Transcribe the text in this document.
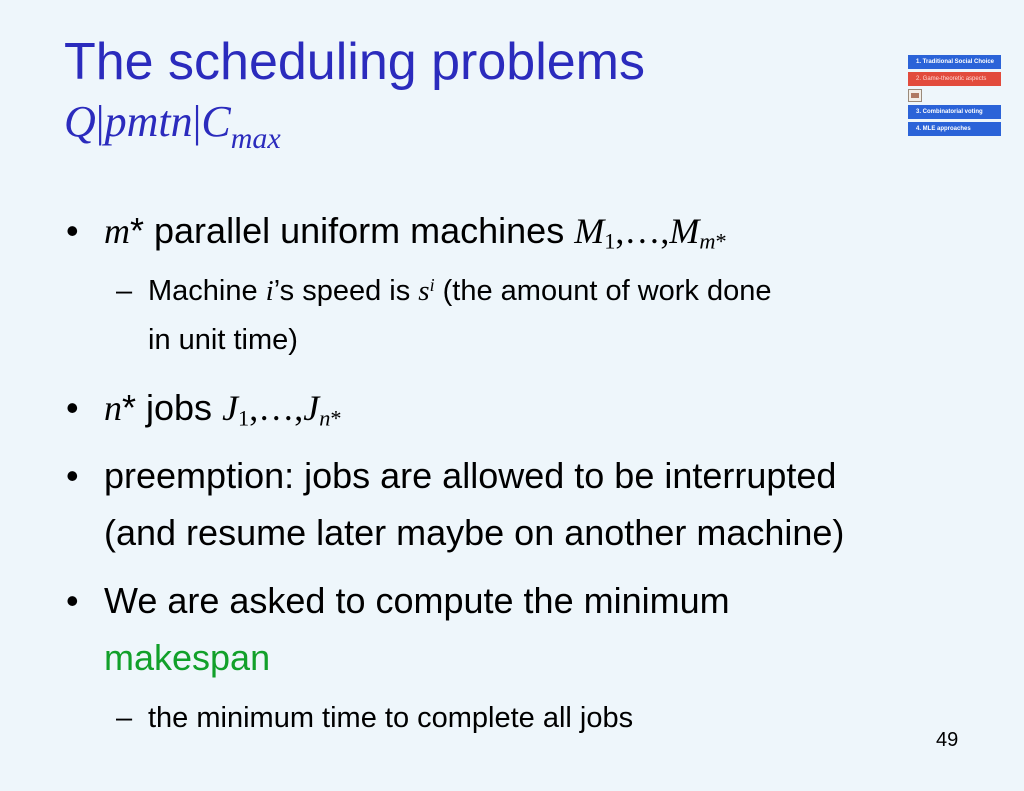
The scheduling problems
$Q|pmtn|C_{max}$
1. Traditional Social Choice
2. Game-theoretic aspects
3. Combinatorial voting
4. MLE approaches
• m* parallel uniform machines $M_1,\dots,M_{m*}$
– Machine i’s speed is $s^i$ (the amount of work done
in unit time)
• n* jobs $J_1,\dots,J_{n*}$
• preemption: jobs are allowed to be interrupted
(and resume later maybe on another machine)
• We are asked to compute the minimum
makespan
– the minimum time to complete all jobs
49
